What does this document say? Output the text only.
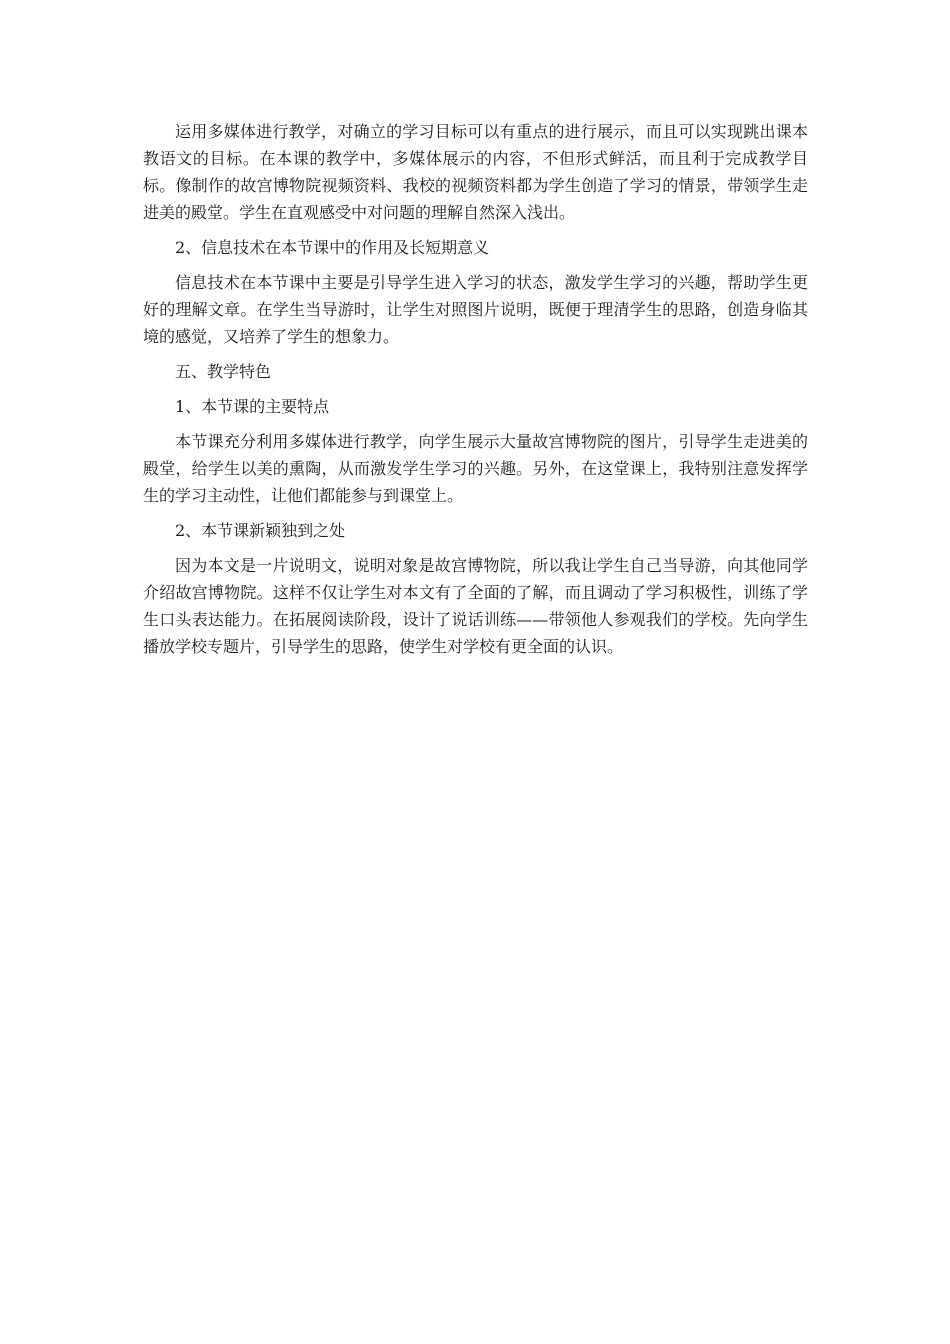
运用多媒体进行教学，对确立的学习目标可以有重点的进行展示，而且可以实现跳出课本教语文的目标。在本课的教学中，多媒体展示的内容，不但形式鲜活，而且利于完成教学目标。像制作的故宫博物院视频资料、我校的视频资料都为学生创造了学习的情景，带领学生走进美的殿堂。学生在直观感受中对问题的理解自然深入浅出。

2、信息技术在本节课中的作用及长短期意义

信息技术在本节课中主要是引导学生进入学习的状态，激发学生学习的兴趣，帮助学生更好的理解文章。在学生当导游时，让学生对照图片说明，既便于理清学生的思路，创造身临其境的感觉，又培养了学生的想象力。

五、教学特色

1、本节课的主要特点

本节课充分利用多媒体进行教学，向学生展示大量故宫博物院的图片，引导学生走进美的殿堂，给学生以美的熏陶，从而激发学生学习的兴趣。另外，在这堂课上，我特别注意发挥学生的学习主动性，让他们都能参与到课堂上。

2、本节课新颖独到之处

因为本文是一片说明文，说明对象是故宫博物院，所以我让学生自己当导游，向其他同学介绍故宫博物院。这样不仅让学生对本文有了全面的了解，而且调动了学习积极性，训练了学生口头表达能力。在拓展阅读阶段，设计了说话训练——带领他人参观我们的学校。先向学生播放学校专题片，引导学生的思路，使学生对学校有更全面的认识。
